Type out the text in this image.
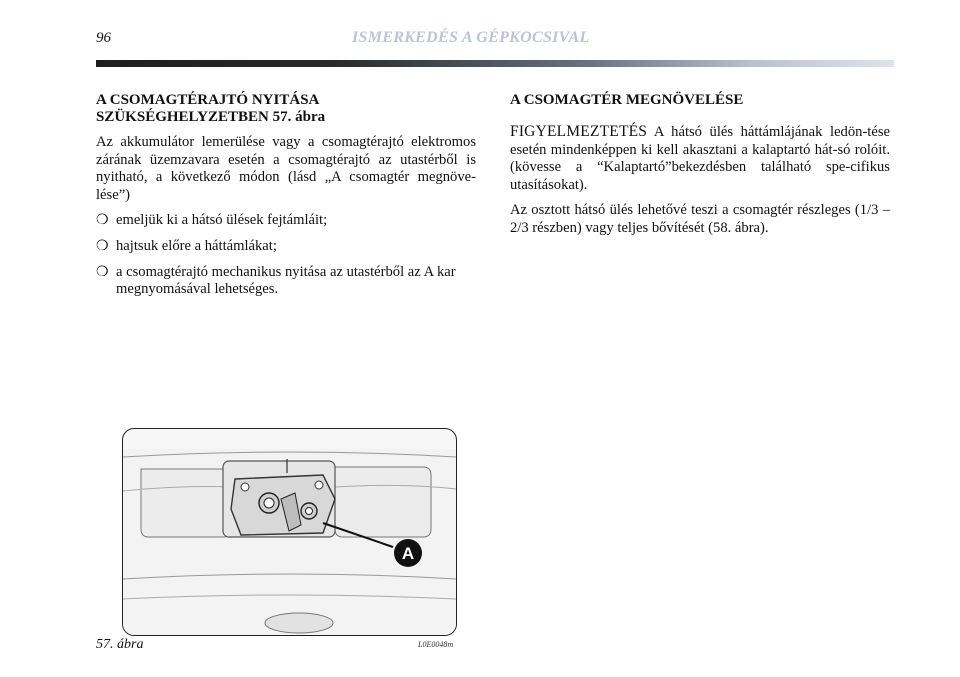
96	ISMERKEDÉS A GÉPKOCSIVAL
A CSOMAGTÉRAJTÓ NYITÁSA
SZÜKSÉGHELYZETBEN 57. ábra

Az akkumulátor lemerülése vagy a csomagtérajtó elektromos zárának üzemzavara esetén a csomagtérajtó az utastérből is nyitható, a következő módon (lásd „A csomagtér megnöve-lése”)

❍ emeljük ki a hátsó ülések fejtámláit;
❍ hajtsuk előre a háttámlákat;
❍ a csomagtérajtó mechanikus nyitása az utastérből az A kar megnyomásával lehetséges.
A CSOMAGTÉR MEGNÖVELÉSE

FIGYELMEZTETÉS A hátsó ülés háttámlájának ledön-tése esetén mindenképpen ki kell akasztani a kalaptartó hát-só rolóit. (kövesse a “Kalaptartó”bekezdésben található spe-cifikus utasításokat).

Az osztott hátsó ülés lehetővé teszi a csomagtér részleges (1/3 – 2/3 részben) vagy teljes bővítését (58. ábra).

A
57. ábra	L0E0048m
